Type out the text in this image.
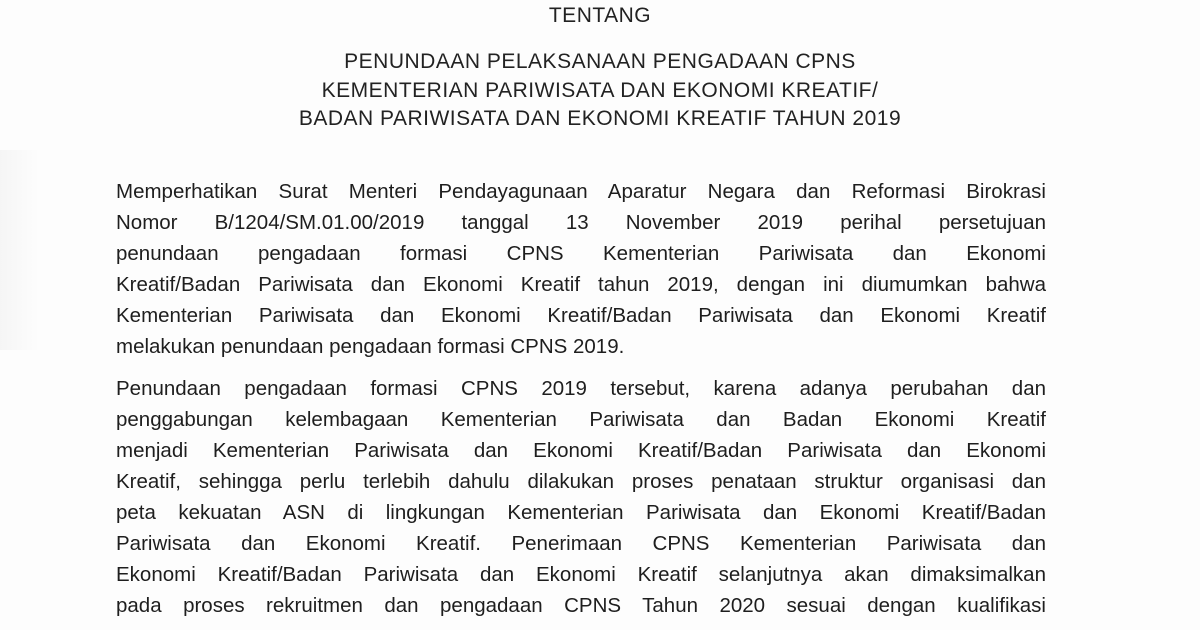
TENTANG
PENUNDAAN PELAKSANAAN PENGADAAN CPNS
KEMENTERIAN PARIWISATA DAN EKONOMI KREATIF/
BADAN PARIWISATA DAN EKONOMI KREATIF TAHUN 2019
Memperhatikan Surat Menteri Pendayagunaan Aparatur Negara dan Reformasi Birokrasi
Nomor B/1204/SM.01.00/2019 tanggal 13 November 2019 perihal persetujuan
penundaan pengadaan formasi CPNS Kementerian Pariwisata dan Ekonomi
Kreatif/Badan Pariwisata dan Ekonomi Kreatif tahun 2019, dengan ini diumumkan bahwa
Kementerian Pariwisata dan Ekonomi Kreatif/Badan Pariwisata dan Ekonomi Kreatif
melakukan penundaan pengadaan formasi CPNS 2019.
Penundaan pengadaan formasi CPNS 2019 tersebut, karena adanya perubahan dan
penggabungan kelembagaan Kementerian Pariwisata dan Badan Ekonomi Kreatif
menjadi Kementerian Pariwisata dan Ekonomi Kreatif/Badan Pariwisata dan Ekonomi
Kreatif, sehingga perlu terlebih dahulu dilakukan proses penataan struktur organisasi dan
peta kekuatan ASN di lingkungan Kementerian Pariwisata dan Ekonomi Kreatif/Badan
Pariwisata dan Ekonomi Kreatif. Penerimaan CPNS Kementerian Pariwisata dan
Ekonomi Kreatif/Badan Pariwisata dan Ekonomi Kreatif selanjutnya akan dimaksimalkan
pada proses rekruitmen dan pengadaan CPNS Tahun 2020 sesuai dengan kualifikasi
